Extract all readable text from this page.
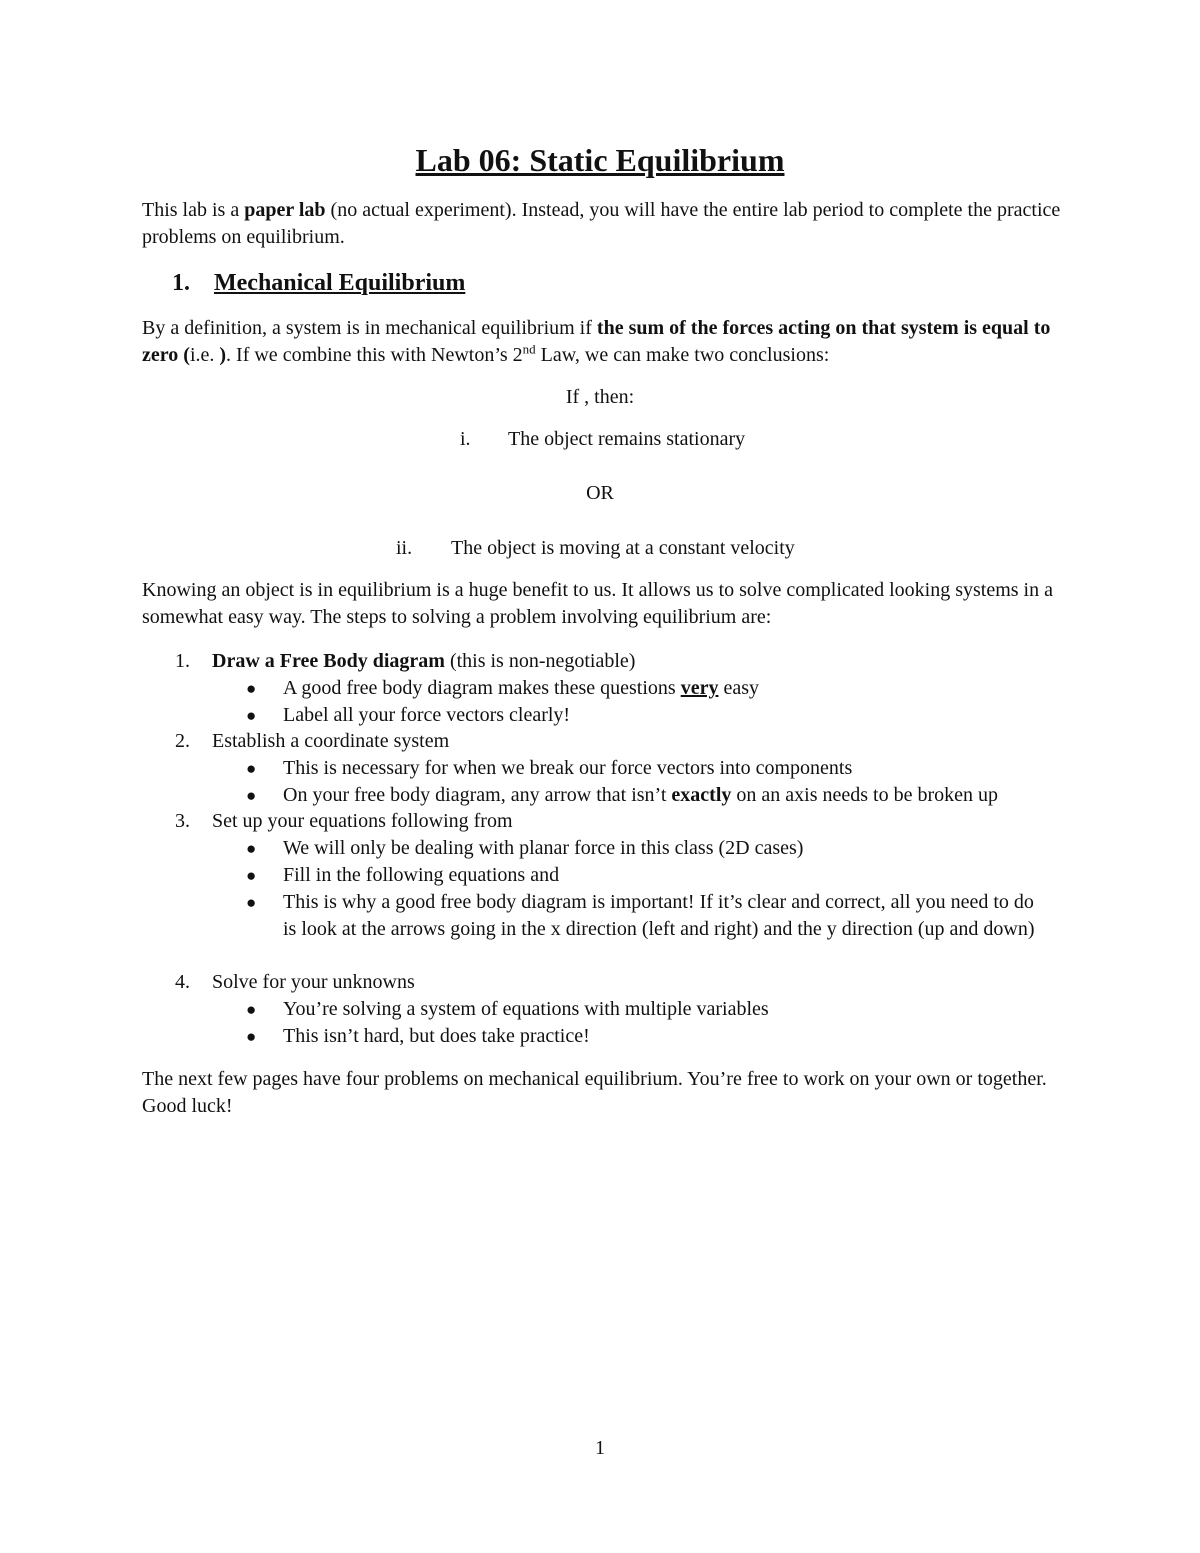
Lab 06: Static Equilibrium

This lab is a paper lab (no actual experiment). Instead, you will have the entire lab period to complete the practice problems on equilibrium.

1. Mechanical Equilibrium

By a definition, a system is in mechanical equilibrium if the sum of the forces acting on that system is equal to zero (i.e. ). If we combine this with Newton’s 2nd Law, we can make two conclusions:

If , then:
i. The object remains stationary
OR
ii. The object is moving at a constant velocity

Knowing an object is in equilibrium is a huge benefit to us. It allows us to solve complicated looking systems in a somewhat easy way. The steps to solving a problem involving equilibrium are:

1. Draw a Free Body diagram (this is non-negotiable)
●	A good free body diagram makes these questions very easy
●	Label all your force vectors clearly!
2. Establish a coordinate system
●	This is necessary for when we break our force vectors into components
●	On your free body diagram, any arrow that isn’t exactly on an axis needs to be broken up
3. Set up your equations following from
●	We will only be dealing with planar force in this class (2D cases)
●	Fill in the following equations and
●	This is why a good free body diagram is important! If it’s clear and correct, all you need to do is look at the arrows going in the x direction (left and right) and the y direction (up and down)
4. Solve for your unknowns
●	You’re solving a system of equations with multiple variables
●	This isn’t hard, but does take practice!

The next few pages have four problems on mechanical equilibrium. You’re free to work on your own or together. Good luck!

1
